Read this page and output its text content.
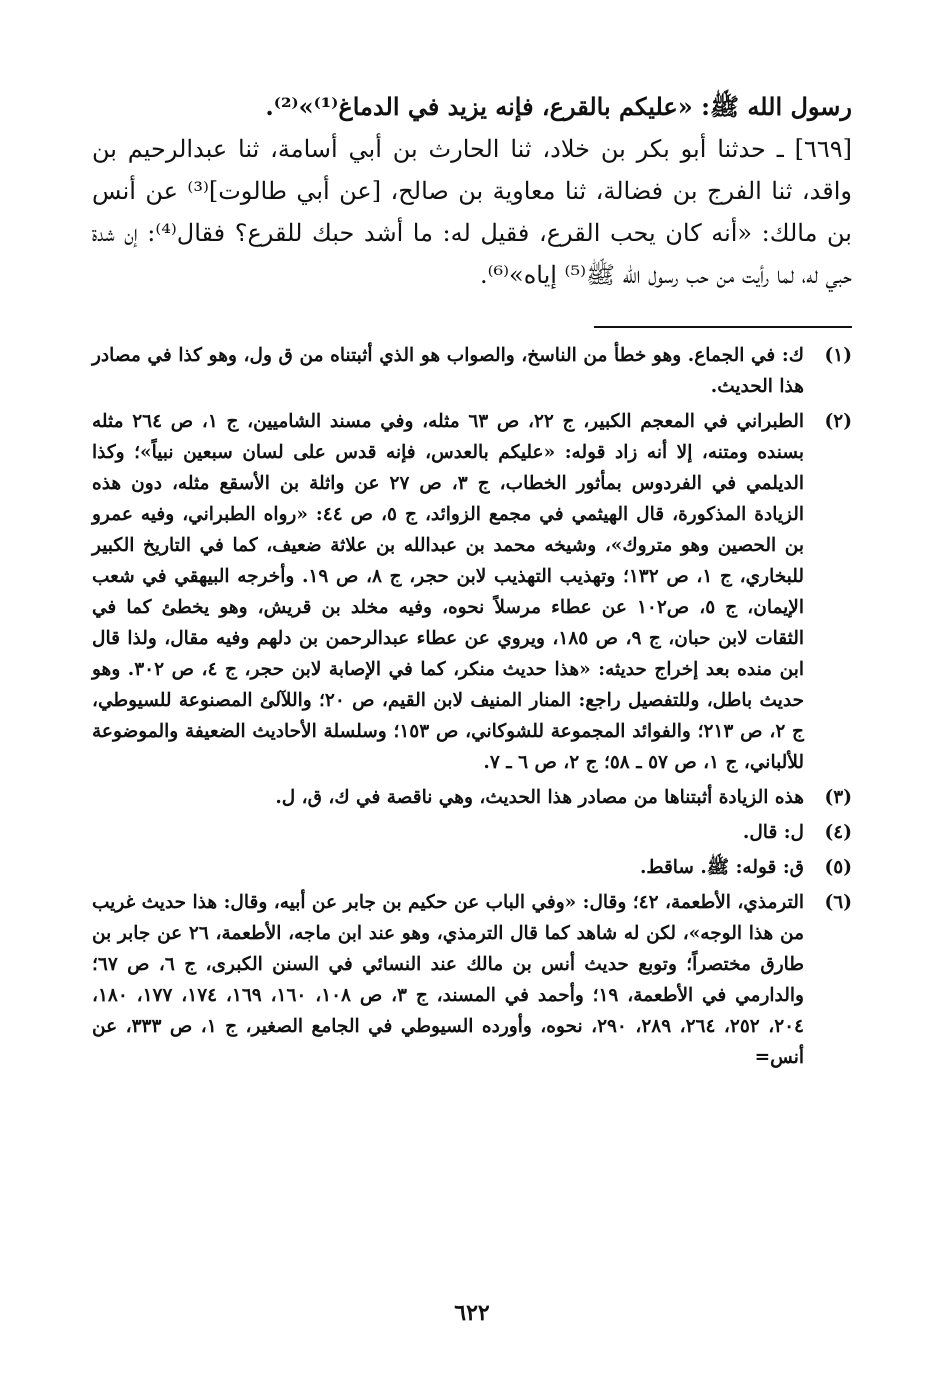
رسول الله ﷺ: «عليكم بالقرع، فإنه يزيد في الدماغ⁽¹⁾»⁽²⁾.

[٦٦٩] ـ حدثنا أبو بكر بن خلاد، ثنا الحارث بن أبي أسامة، ثنا عبدالرحيم بن واقد، ثنا الفرج بن فضالة، ثنا معاوية بن صالح، [عن أبي طالوت]⁽³⁾ عن أنس بن مالك: «أنه كان يحب القرع، فقيل له: ما أشد حبك للقرع؟ فقال⁽⁴⁾: إن شدة حبي له، لما رأيت من حب رسول الله ﷺ⁽⁵⁾ إياه»⁽⁶⁾.

(١)
ك: في الجماع. وهو خطأ من الناسخ، والصواب هو الذي أثبتناه من ق ول، وهو كذا في مصادر هذا الحديث.
(٢)
الطبراني في المعجم الكبير، ج ٢٢، ص ٦٣ مثله، وفي مسند الشاميين، ج ١، ص ٢٦٤ مثله بسنده ومتنه، إلا أنه زاد قوله: «عليكم بالعدس، فإنه قدس على لسان سبعين نبياً»؛ وكذا الديلمي في الفردوس بمأثور الخطاب، ج ٣، ص ٢٧ عن واثلة بن الأسقع مثله، دون هذه الزيادة المذكورة، قال الهيثمي في مجمع الزوائد، ج ٥، ص ٤٤: «رواه الطبراني، وفيه عمرو بن الحصين وهو متروك»، وشيخه محمد بن عبدالله بن علاثة ضعيف، كما في التاريخ الكبير للبخاري، ج ١، ص ١٣٢؛ وتهذيب التهذيب لابن حجر، ج ٨، ص ١٩. وأخرجه البيهقي في شعب الإيمان، ج ٥، ص١٠٢ عن عطاء مرسلاً نحوه، وفيه مخلد بن قريش، وهو يخطئ كما في الثقات لابن حبان، ج ٩، ص ١٨٥، ويروي عن عطاء عبدالرحمن بن دلهم وفيه مقال، ولذا قال ابن منده بعد إخراج حديثه: «هذا حديث منكر، كما في الإصابة لابن حجر، ج ٤، ص ٣٠٢. وهو حديث باطل، وللتفصيل راجع: المنار المنيف لابن القيم، ص ٢٠؛ واللآلئ المصنوعة للسيوطي، ج ٢، ص ٢١٣؛ والفوائد المجموعة للشوكاني، ص ١٥٣؛ وسلسلة الأحاديث الضعيفة والموضوعة للألباني، ج ١، ص ٥٧ ـ ٥٨؛ ج ٢، ص ٦ ـ ٧.
(٣)
هذه الزيادة أثبتناها من مصادر هذا الحديث، وهي ناقصة في ك، ق، ل.
(٤)
ل: قال.
(٥)
ق: قوله: ﷺ. ساقط.
(٦)
الترمذي، الأطعمة، ٤٢؛ وقال: «وفي الباب عن حكيم بن جابر عن أبيه، وقال: هذا حديث غريب من هذا الوجه»، لكن له شاهد كما قال الترمذي، وهو عند ابن ماجه، الأطعمة، ٢٦ عن جابر بن طارق مختصراً؛ وتوبع حديث أنس بن مالك عند النسائي في السنن الكبرى، ج ٦، ص ٦٧؛ والدارمي في الأطعمة، ١٩؛ وأحمد في المسند، ج ٣، ص ١٠٨، ١٦٠، ١٦٩، ١٧٤، ١٧٧، ١٨٠، ٢٠٤، ٢٥٢، ٢٦٤، ٢٨٩، ٢٩٠، نحوه، وأورده السيوطي في الجامع الصغير، ج ١، ص ٣٣٣، عن أنس=
٦٢٢
